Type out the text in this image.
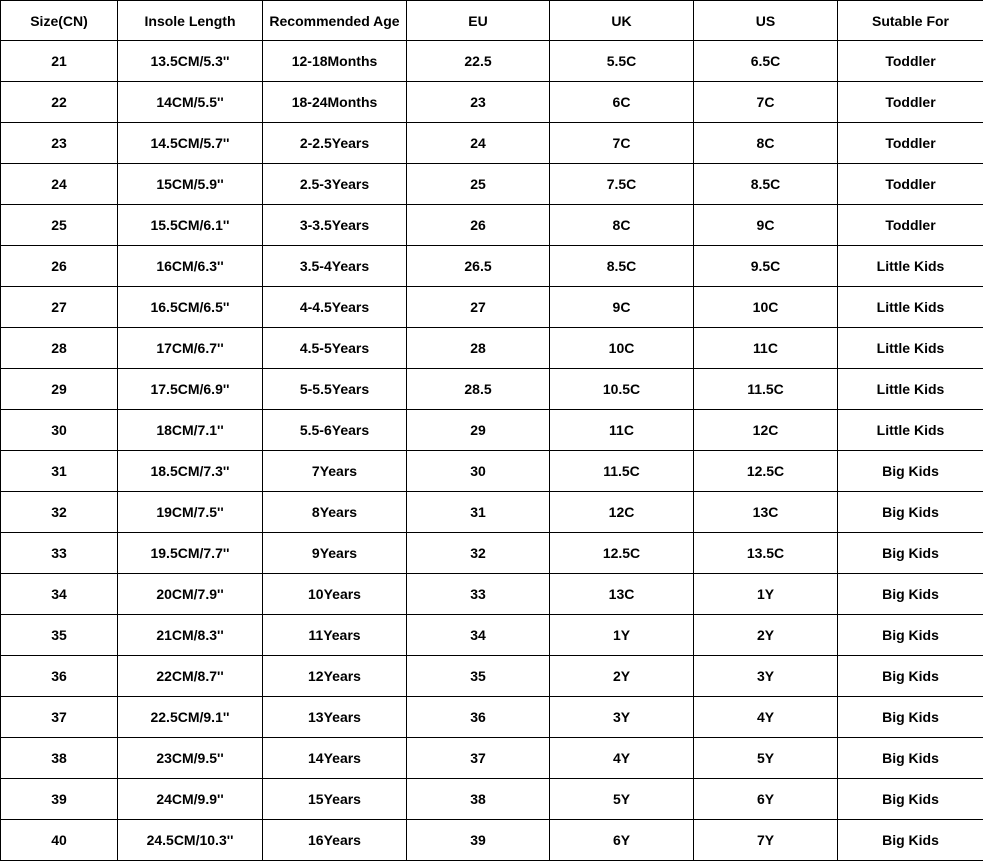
Size(CN)	Insole Length	Recommended Age	EU	UK	US	Sutable For
21	13.5CM/5.3''	12-18Months	22.5	5.5C	6.5C	Toddler
22	14CM/5.5''	18-24Months	23	6C	7C	Toddler
23	14.5CM/5.7''	2-2.5Years	24	7C	8C	Toddler
24	15CM/5.9''	2.5-3Years	25	7.5C	8.5C	Toddler
25	15.5CM/6.1''	3-3.5Years	26	8C	9C	Toddler
26	16CM/6.3''	3.5-4Years	26.5	8.5C	9.5C	Little Kids
27	16.5CM/6.5''	4-4.5Years	27	9C	10C	Little Kids
28	17CM/6.7''	4.5-5Years	28	10C	11C	Little Kids
29	17.5CM/6.9''	5-5.5Years	28.5	10.5C	11.5C	Little Kids
30	18CM/7.1''	5.5-6Years	29	11C	12C	Little Kids
31	18.5CM/7.3''	7Years	30	11.5C	12.5C	Big Kids
32	19CM/7.5''	8Years	31	12C	13C	Big Kids
33	19.5CM/7.7''	9Years	32	12.5C	13.5C	Big Kids
34	20CM/7.9''	10Years	33	13C	1Y	Big Kids
35	21CM/8.3''	11Years	34	1Y	2Y	Big Kids
36	22CM/8.7''	12Years	35	2Y	3Y	Big Kids
37	22.5CM/9.1''	13Years	36	3Y	4Y	Big Kids
38	23CM/9.5''	14Years	37	4Y	5Y	Big Kids
39	24CM/9.9''	15Years	38	5Y	6Y	Big Kids
40	24.5CM/10.3''	16Years	39	6Y	7Y	Big Kids
